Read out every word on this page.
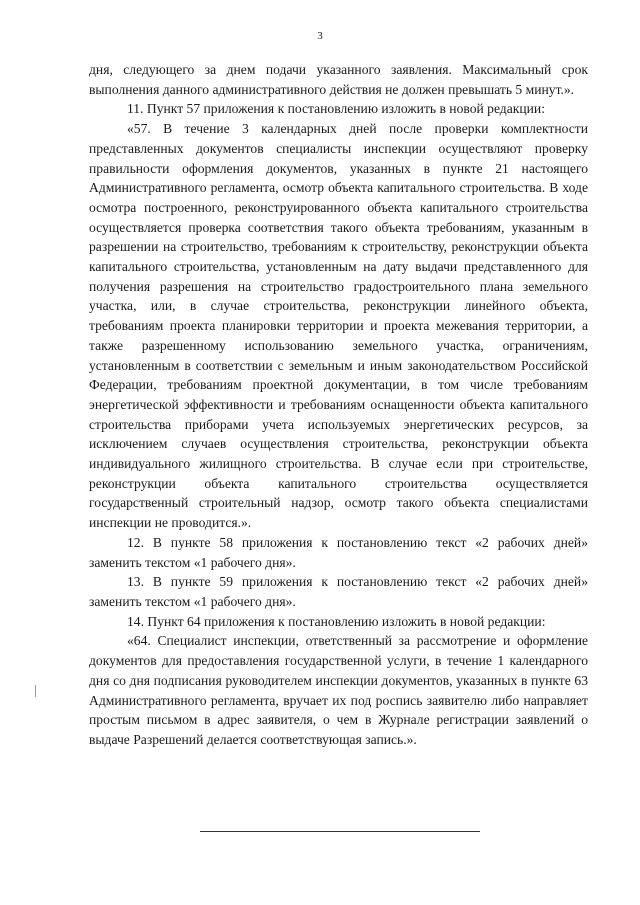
3

дня, следующего за днем подачи указанного заявления. Максимальный срок выполнения данного административного действия не должен превышать 5 минут.».

11. Пункт 57 приложения к постановлению изложить в новой редакции:

«57. В течение 3 календарных дней после проверки комплектности представленных документов специалисты инспекции осуществляют проверку правильности оформления документов, указанных в пункте 21 настоящего Административного регламента, осмотр объекта капитального строительства. В ходе осмотра построенного, реконструированного объекта капитального строительства осуществляется проверка соответствия такого объекта требованиям, указанным в разрешении на строительство, требованиям к строительству, реконструкции объекта капитального строительства, установленным на дату выдачи представленного для получения разрешения на строительство градостроительного плана земельного участка, или, в случае строительства, реконструкции линейного объекта, требованиям проекта планировки территории и проекта межевания территории, а также разрешенному использованию земельного участка, ограничениям, установленным в соответствии с земельным и иным законодательством Российской Федерации, требованиям проектной документации, в том числе требованиям энергетической эффективности и требованиям оснащенности объекта капитального строительства приборами учета используемых энергетических ресурсов, за исключением случаев осуществления строительства, реконструкции объекта индивидуального жилищного строительства. В случае если при строительстве, реконструкции объекта капитального строительства осуществляется государственный строительный надзор, осмотр такого объекта специалистами инспекции не проводится.».

12. В пункте 58 приложения к постановлению текст «2 рабочих дней» заменить текстом «1 рабочего дня».

13. В пункте 59 приложения к постановлению текст «2 рабочих дней» заменить текстом «1 рабочего дня».

14. Пункт 64 приложения к постановлению изложить в новой редакции:

«64. Специалист инспекции, ответственный за рассмотрение и оформление документов для предоставления государственной услуги, в течение 1 календарного дня со дня подписания руководителем инспекции документов, указанных в пункте 63 Административного регламента, вручает их под роспись заявителю либо направляет простым письмом в адрес заявителя, о чем в Журнале регистрации заявлений о выдаче Разрешений делается соответствующая запись.».
